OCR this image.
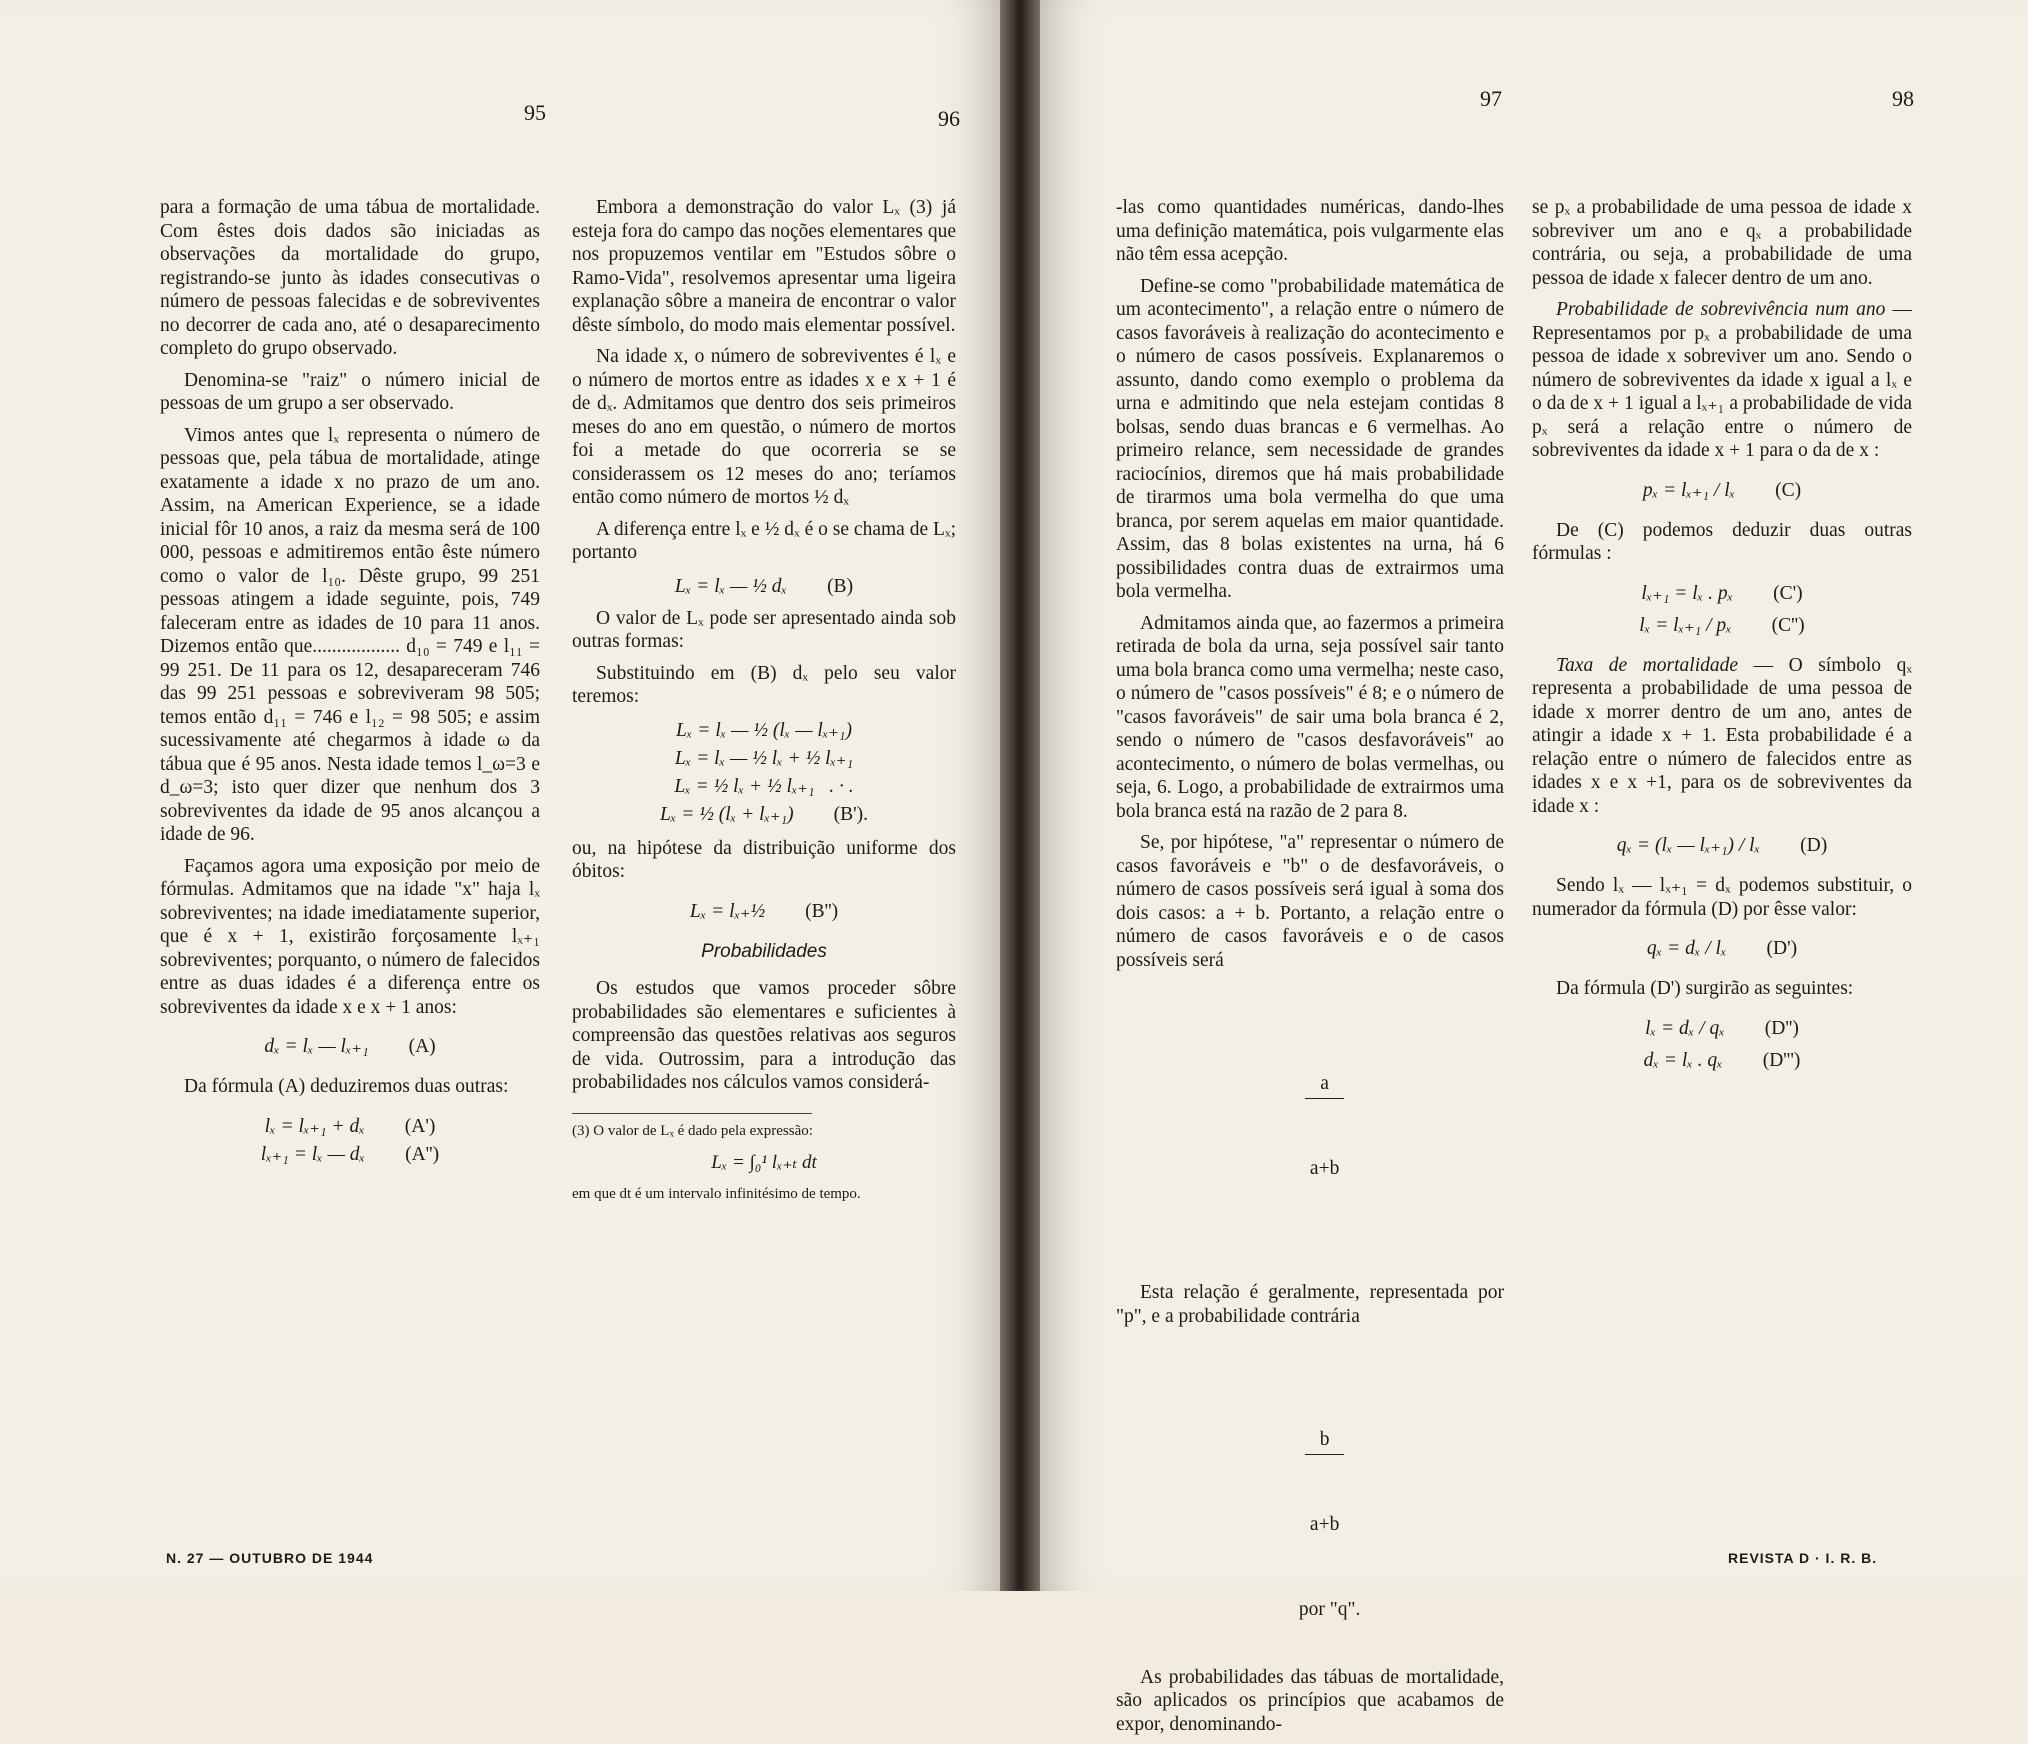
95	96
97	98

para a formação de uma tábua de mortalidade. Com êstes dois dados são iniciadas as observações da mortalidade do grupo, registrando-se junto às idades consecutivas o número de pessoas falecidas e de sobreviventes no decorrer de cada ano, até o desaparecimento completo do grupo observado.

Denomina-se "raiz" o número inicial de pessoas de um grupo a ser observado.

Vimos antes que lₓ representa o número de pessoas que, pela tábua de mortalidade, atinge exatamente a idade x no prazo de um ano. Assim, na American Experience, se a idade inicial fôr 10 anos, a raiz da mesma será de 100 000, pessoas e admitiremos então êste número como o valor de l₁₀. Dêste grupo, 99 251 pessoas atingem a idade seguinte, pois, 749 faleceram entre as idades de 10 para 11 anos. Dizemos então que.................. d₁₀ = 749 e l₁₁ = 99 251. De 11 para os 12, desapareceram 746 das 99 251 pessoas e sobreviveram 98 505; temos então d₁₁ = 746 e l₁₂ = 98 505; e assim sucessivamente até chegarmos à idade ω da tábua que é 95 anos. Nesta idade temos l_ω=3 e d_ω=3; isto quer dizer que nenhum dos 3 sobreviventes da idade de 95 anos alcançou a idade de 96.

Façamos agora uma exposição por meio de fórmulas. Admitamos que na idade "x" haja lₓ sobreviventes; na idade imediatamente superior, que é x + 1, existirão forçosamente lₓ₊₁ sobreviventes; porquanto, o número de falecidos entre as duas idades é a diferença entre os sobreviventes da idade x e x + 1 anos:

dₓ = lₓ — lₓ₊₁ (A)

Da fórmula (A) deduziremos duas outras:

lₓ = lₓ₊₁ + dₓ (A')
lₓ₊₁ = lₓ — dₓ (A'')

Embora a demonstração do valor Lₓ (3) já esteja fora do campo das noções elementares que nos propuzemos ventilar em "Estudos sôbre o Ramo-Vida", resolvemos apresentar uma ligeira explanação sôbre a maneira de encontrar o valor dêste símbolo, do modo mais elementar possível.

Na idade x, o número de sobreviventes é lₓ e o número de mortos entre as idades x e x + 1 é de dₓ. Admitamos que dentro dos seis primeiros meses do ano em questão, o número de mortos foi a metade do que ocorreria se se considerassem os 12 meses do ano; teríamos então como número de mortos ½ dₓ

A diferença entre lₓ e ½ dₓ é o se chama de Lₓ; portanto

Lₓ = lₓ — ½ dₓ (B)

O valor de Lₓ pode ser apresentado ainda sob outras formas:

Substituindo em (B) dₓ pelo seu valor teremos:

Lₓ = lₓ — ½ (lₓ — lₓ₊₁)
Lₓ = lₓ — ½ lₓ + ½ lₓ₊₁
Lₓ = ½ lₓ + ½ lₓ₊₁   . · .
Lₓ = ½ (lₓ + lₓ₊₁) (B').

ou, na hipótese da distribuição uniforme dos óbitos:

Lₓ = lₓ₊½ (B'')

Probabilidades

Os estudos que vamos proceder sôbre probabilidades são elementares e suficientes à compreensão das questões relativas aos seguros de vida. Outrossim, para a introdução das probabilidades nos cálculos vamos considerá-

(3) O valor de Lₓ é dado pela expressão:
Lₓ = ∫₀¹ lₓ₊ₜ dt
em que dt é um intervalo infinitésimo de tempo.

-las como quantidades numéricas, dando-lhes uma definição matemática, pois vulgarmente elas não têm essa acepção.

Define-se como "probabilidade matemática de um acontecimento", a relação entre o número de casos favoráveis à realização do acontecimento e o número de casos possíveis. Explanaremos o assunto, dando como exemplo o problema da urna e admitindo que nela estejam contidas 8 bolsas, sendo duas brancas e 6 vermelhas. Ao primeiro relance, sem necessidade de grandes raciocínios, diremos que há mais probabilidade de tirarmos uma bola vermelha do que uma branca, por serem aquelas em maior quantidade. Assim, das 8 bolas existentes na urna, há 6 possibilidades contra duas de extrairmos uma bola vermelha.

Admitamos ainda que, ao fazermos a primeira retirada de bola da urna, seja possível sair tanto uma bola branca como uma vermelha; neste caso, o número de "casos possíveis" é 8; e o número de "casos favoráveis" de sair uma bola branca é 2, sendo o número de "casos desfavoráveis" ao acontecimento, o número de bolas vermelhas, ou seja, 6. Logo, a probabilidade de extrairmos uma bola branca está na razão de 2 para 8.

Se, por hipótese, "a" representar o número de casos favoráveis e "b" o de desfavoráveis, o número de casos possíveis será igual à soma dos dois casos: a + b. Portanto, a relação entre o número de casos favoráveis e o de casos possíveis será

$\frac{a}{a+b}$

Esta relação é geralmente, representada por "p", e a probabilidade contrária

$\frac{b}{a+b}$

por "q".

As probabilidades das tábuas de mortalidade, são aplicados os princípios que acabamos de expor, denominando-

se pₓ a probabilidade de uma pessoa de idade x sobreviver um ano e qₓ a probabilidade contrária, ou seja, a probabilidade de uma pessoa de idade x falecer dentro de um ano.

Probabilidade de sobrevivência num ano — Representamos por pₓ a probabilidade de uma pessoa de idade x sobreviver um ano. Sendo o número de sobreviventes da idade x igual a lₓ e o da de x + 1 igual a lₓ₊₁ a probabilidade de vida pₓ será a relação entre o número de sobreviventes da idade x + 1 para o da de x :

pₓ = lₓ₊₁ / lₓ (C)

De (C) podemos deduzir duas outras fórmulas :

lₓ₊₁ = lₓ . pₓ (C')
lₓ = lₓ₊₁ / pₓ (C'')

Taxa de mortalidade — O símbolo qₓ representa a probabilidade de uma pessoa de idade x morrer dentro de um ano, antes de atingir a idade x + 1. Esta probabilidade é a relação entre o número de falecidos entre as idades x e x +1, para os de sobreviventes da idade x :

qₓ = (lₓ — lₓ₊₁) / lₓ (D)

Sendo lₓ — lₓ₊₁ = dₓ podemos substituir, o numerador da fórmula (D) por êsse valor:

qₓ = dₓ / lₓ (D')

Da fórmula (D') surgirão as seguintes:

lₓ = dₓ / qₓ (D'')
dₓ = lₓ . qₓ (D''')
N. 27 — OUTUBRO DE 1944	REVISTA D · I. R. B.
